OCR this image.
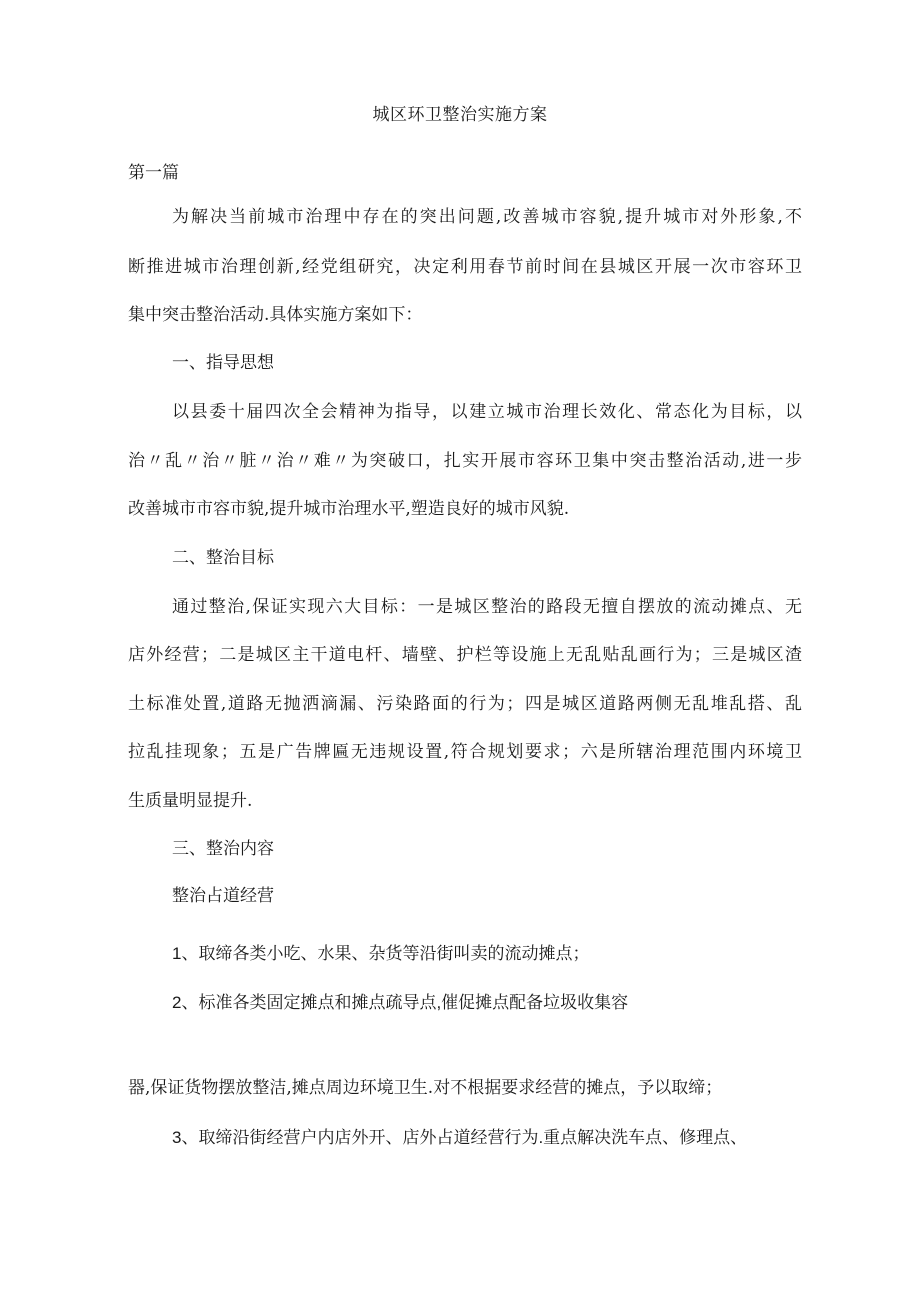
城区环卫整治实施方案
第一篇
为解决当前城市治理中存在的突出问题,改善城市容貌,提升城市对外形象,不
断推进城市治理创新,经党组研究，决定利用春节前时间在县城区开展一次市容环卫
集中突击整治活动.具体实施方案如下：
一、指导思想
以县委十届四次全会精神为指导，以建立城市治理长效化、常态化为目标，以
治〃乱〃治〃脏〃治〃难〃为突破口，扎实开展市容环卫集中突击整治活动,进一步
改善城市市容市貌,提升城市治理水平,塑造良好的城市风貌.
二、整治目标
通过整治,保证实现六大目标：一是城区整治的路段无擅自摆放的流动摊点、无
店外经营；二是城区主干道电杆、墙壁、护栏等设施上无乱贴乱画行为；三是城区渣
土标准处置,道路无抛洒滴漏、污染路面的行为；四是城区道路两侧无乱堆乱搭、乱
拉乱挂现象；五是广告牌匾无违规设置,符合规划要求；六是所辖治理范围内环境卫
生质量明显提升.
三、整治内容
整治占道经营
1、取缔各类小吃、水果、杂货等沿街叫卖的流动摊点；
2、标准各类固定摊点和摊点疏导点,催促摊点配备垃圾收集容
器,保证货物摆放整洁,摊点周边环境卫生.对不根据要求经营的摊点，予以取缔；
3、取缔沿街经营户内店外开、店外占道经营行为.重点解决洗车点、修理点、
